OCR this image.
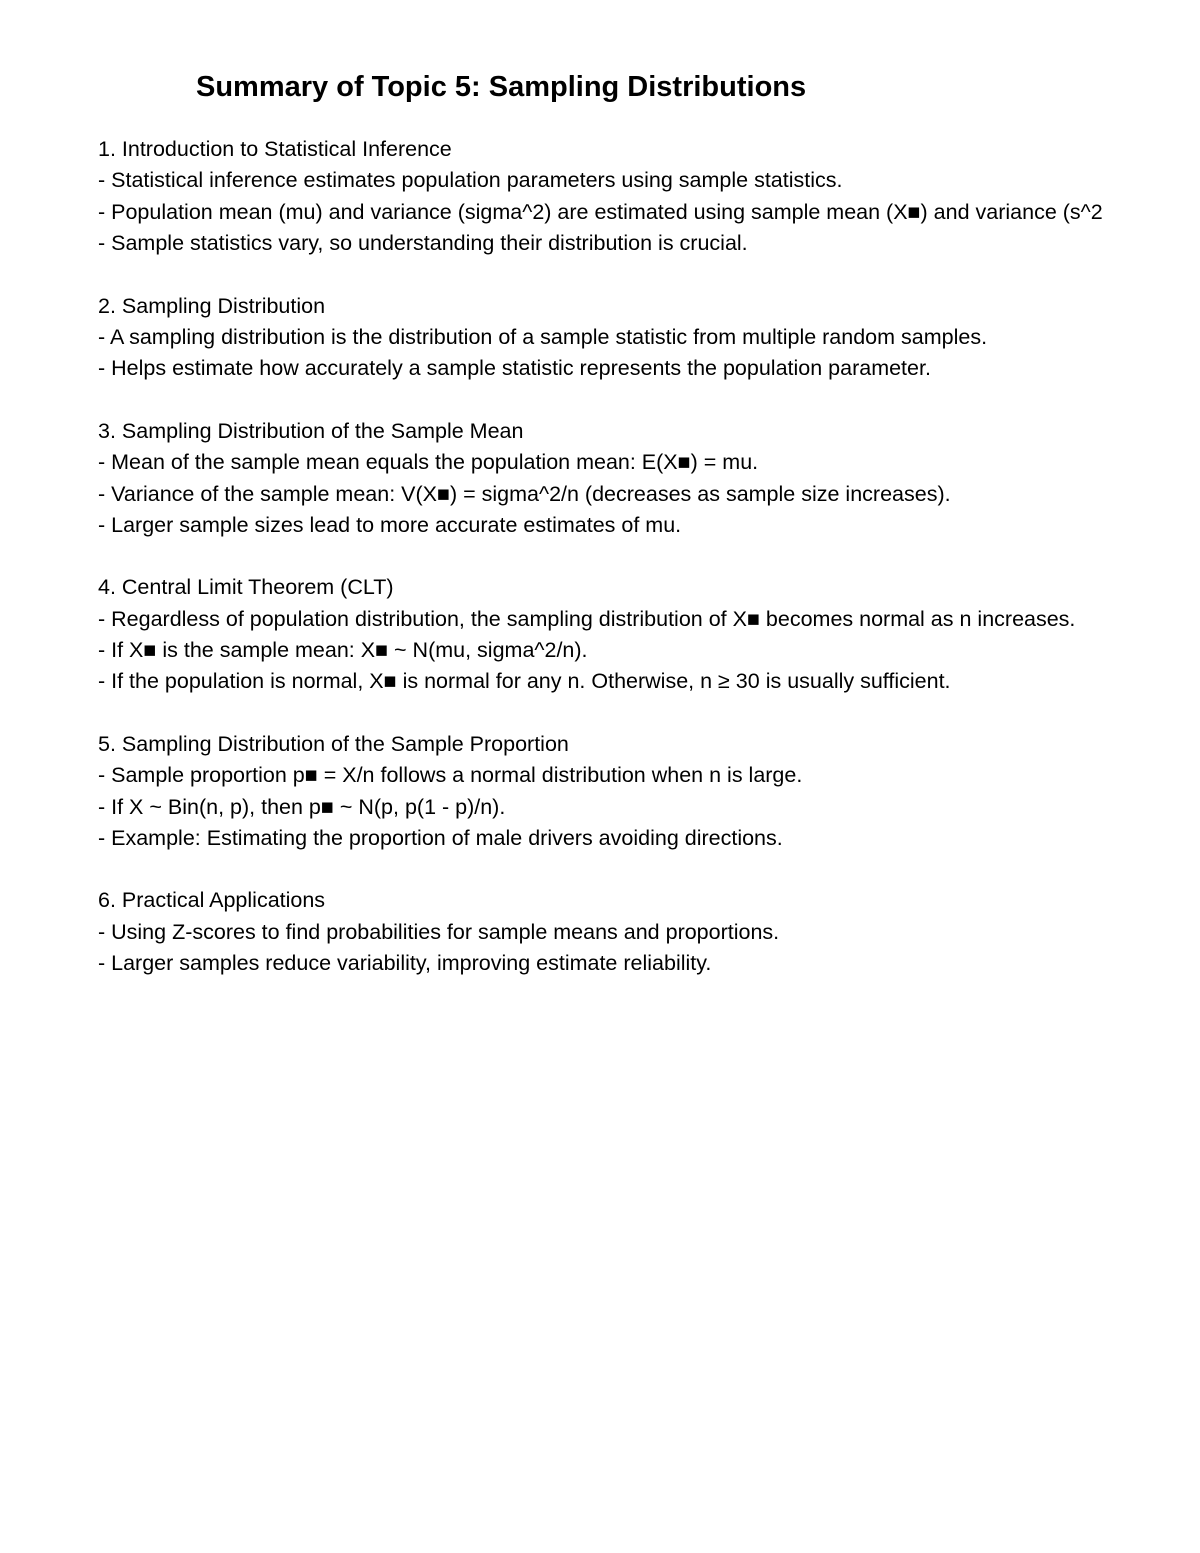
Summary of Topic 5: Sampling Distributions
1. Introduction to Statistical Inference
- Statistical inference estimates population parameters using sample statistics.
- Population mean (mu) and variance (sigma^2) are estimated using sample mean (X■) and variance (s^2
- Sample statistics vary, so understanding their distribution is crucial.
2. Sampling Distribution
- A sampling distribution is the distribution of a sample statistic from multiple random samples.
- Helps estimate how accurately a sample statistic represents the population parameter.
3. Sampling Distribution of the Sample Mean
- Mean of the sample mean equals the population mean: E(X■) = mu.
- Variance of the sample mean: V(X■) = sigma^2/n (decreases as sample size increases).
- Larger sample sizes lead to more accurate estimates of mu.
4. Central Limit Theorem (CLT)
- Regardless of population distribution, the sampling distribution of X■ becomes normal as n increases.
- If X■ is the sample mean: X■ ~ N(mu, sigma^2/n).
- If the population is normal, X■ is normal for any n. Otherwise, n ≥ 30 is usually sufficient.
5. Sampling Distribution of the Sample Proportion
- Sample proportion p■ = X/n follows a normal distribution when n is large.
- If X ~ Bin(n, p), then p■ ~ N(p, p(1 - p)/n).
- Example: Estimating the proportion of male drivers avoiding directions.
6. Practical Applications
- Using Z-scores to find probabilities for sample means and proportions.
- Larger samples reduce variability, improving estimate reliability.
